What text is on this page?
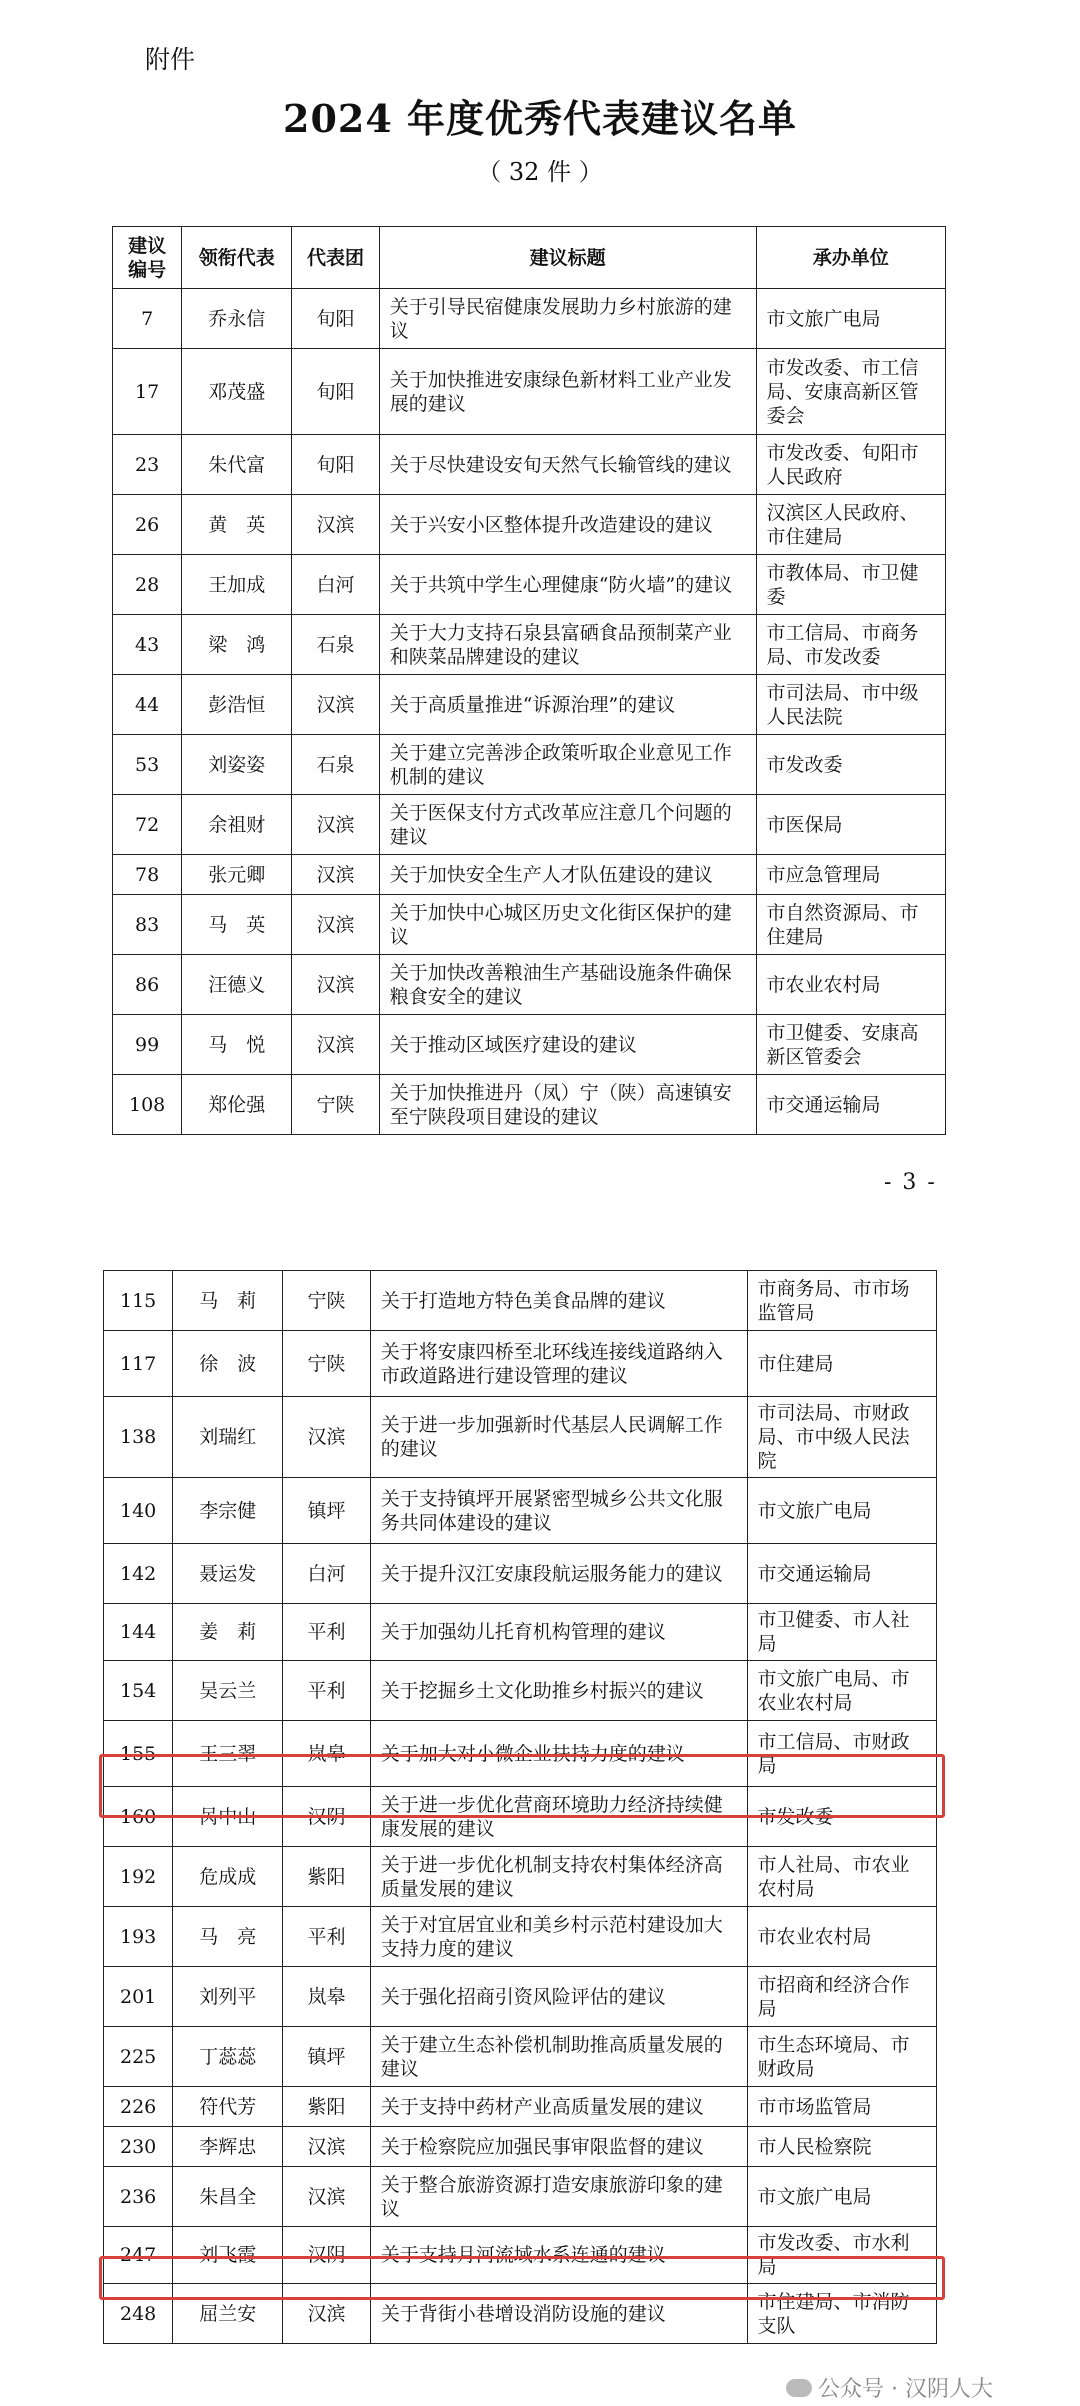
附件
2024 年度优秀代表建议名单
（ 32 件 ）
建议编号	领衔代表	代表团	建议标题	承办单位
7	乔永信	旬阳	关于引导民宿健康发展助力乡村旅游的建议	市文旅广电局
17	邓茂盛	旬阳	关于加快推进安康绿色新材料工业产业发展的建议	市发改委、市工信局、安康高新区管委会
23	朱代富	旬阳	关于尽快建设安旬天然气长输管线的建议	市发改委、旬阳市人民政府
26	黄　英	汉滨	关于兴安小区整体提升改造建设的建议	汉滨区人民政府、市住建局
28	王加成	白河	关于共筑中学生心理健康“防火墙”的建议	市教体局、市卫健委
43	梁　鸿	石泉	关于大力支持石泉县富硒食品预制菜产业和陕菜品牌建设的建议	市工信局、市商务局、市发改委
44	彭浩恒	汉滨	关于高质量推进“诉源治理”的建议	市司法局、市中级人民法院
53	刘姿姿	石泉	关于建立完善涉企政策听取企业意见工作机制的建议	市发改委
72	余祖财	汉滨	关于医保支付方式改革应注意几个问题的建议	市医保局
78	张元卿	汉滨	关于加快安全生产人才队伍建设的建议	市应急管理局
83	马　英	汉滨	关于加快中心城区历史文化街区保护的建议	市自然资源局、市住建局
86	汪德义	汉滨	关于加快改善粮油生产基础设施条件确保粮食安全的建议	市农业农村局
99	马　悦	汉滨	关于推动区域医疗建设的建议	市卫健委、安康高新区管委会
108	郑伦强	宁陕	关于加快推进丹（凤）宁（陕）高速镇安至宁陕段项目建设的建议	市交通运输局
- 3 -
115	马　莉	宁陕	关于打造地方特色美食品牌的建议	市商务局、市市场监管局
117	徐　波	宁陕	关于将安康四桥至北环线连接线道路纳入市政道路进行建设管理的建议	市住建局
138	刘瑞红	汉滨	关于进一步加强新时代基层人民调解工作的建议	市司法局、市财政局、市中级人民法院
140	李宗健	镇坪	关于支持镇坪开展紧密型城乡公共文化服务共同体建设的建议	市文旅广电局
142	聂运发	白河	关于提升汉江安康段航运服务能力的建议	市交通运输局
144	姜　莉	平利	关于加强幼儿托育机构管理的建议	市卫健委、市人社局
154	吴云兰	平利	关于挖掘乡土文化助推乡村振兴的建议	市文旅广电局、市农业农村局
155	王三翠	岚皋	关于加大对小微企业扶持力度的建议	市工信局、市财政局
160	呙中山	汉阴	关于进一步优化营商环境助力经济持续健康发展的建议	市发改委
192	危成成	紫阳	关于进一步优化机制支持农村集体经济高质量发展的建议	市人社局、市农业农村局
193	马　亮	平利	关于对宜居宜业和美乡村示范村建设加大支持力度的建议	市农业农村局
201	刘列平	岚皋	关于强化招商引资风险评估的建议	市招商和经济合作局
225	丁蕊蕊	镇坪	关于建立生态补偿机制助推高质量发展的建议	市生态环境局、市财政局
226	符代芳	紫阳	关于支持中药材产业高质量发展的建议	市市场监管局
230	李辉忠	汉滨	关于检察院应加强民事审限监督的建议	市人民检察院
236	朱昌全	汉滨	关于整合旅游资源打造安康旅游印象的建议	市文旅广电局
247	刘飞霞	汉阴	关于支持月河流域水系连通的建议	市发改委、市水利局
248	屈兰安	汉滨	关于背街小巷增设消防设施的建议	市住建局、市消防支队
公众号 · 汉阴人大
